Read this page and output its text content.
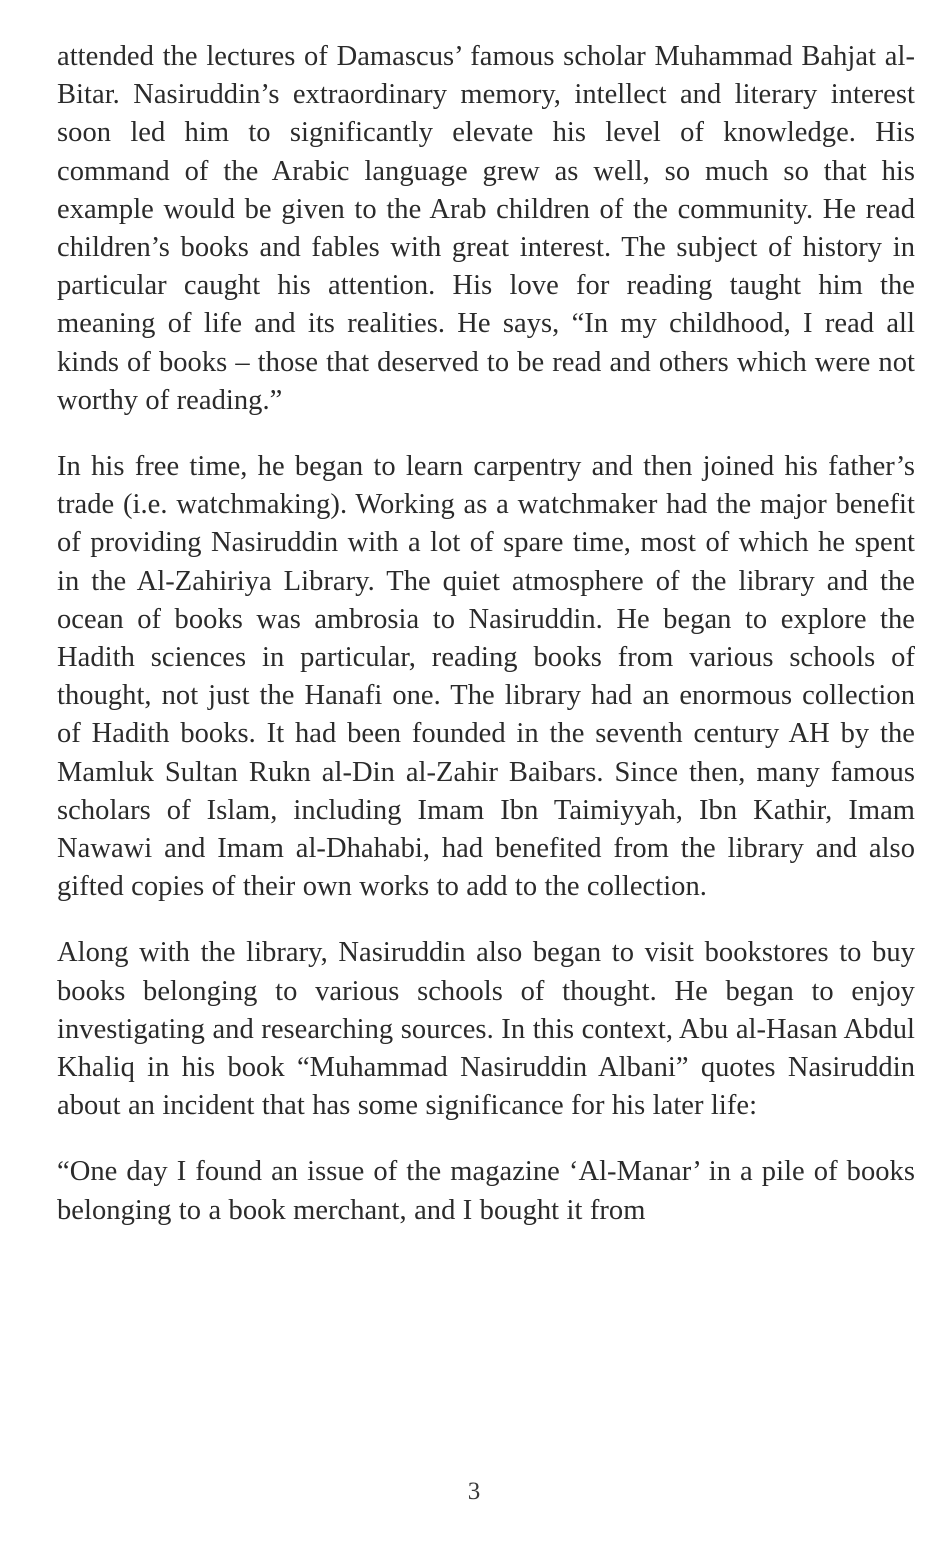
attended the lectures of Damascus’ famous scholar Muhammad Bahjat al-Bitar. Nasiruddin’s extraordinary memory, intellect and literary interest soon led him to significantly elevate his level of knowledge. His command of the Arabic language grew as well, so much so that his example would be given to the Arab children of the community. He read children’s books and fables with great interest. The subject of history in particular caught his attention. His love for reading taught him the meaning of life and its realities. He says, “In my childhood, I read all kinds of books – those that deserved to be read and others which were not worthy of reading.”

In his free time, he began to learn carpentry and then joined his father’s trade (i.e. watchmaking). Working as a watchmaker had the major benefit of providing Nasiruddin with a lot of spare time, most of which he spent in the Al-Zahiriya Library. The quiet atmosphere of the library and the ocean of books was ambrosia to Nasiruddin. He began to explore the Hadith sciences in particular, reading books from various schools of thought, not just the Hanafi one. The library had an enormous collection of Hadith books. It had been founded in the seventh century AH by the Mamluk Sultan Rukn al-Din al-Zahir Baibars. Since then, many famous scholars of Islam, including Imam Ibn Taimiyyah, Ibn Kathir, Imam Nawawi and Imam al-Dhahabi, had benefited from the library and also gifted copies of their own works to add to the collection.

Along with the library, Nasiruddin also began to visit bookstores to buy books belonging to various schools of thought. He began to enjoy investigating and researching sources. In this context, Abu al-Hasan Abdul Khaliq in his book “Muhammad Nasiruddin Albani” quotes Nasiruddin about an incident that has some significance for his later life:

“One day I found an issue of the magazine ‘Al-Manar’ in a pile of books belonging to a book merchant, and I bought it from

3
